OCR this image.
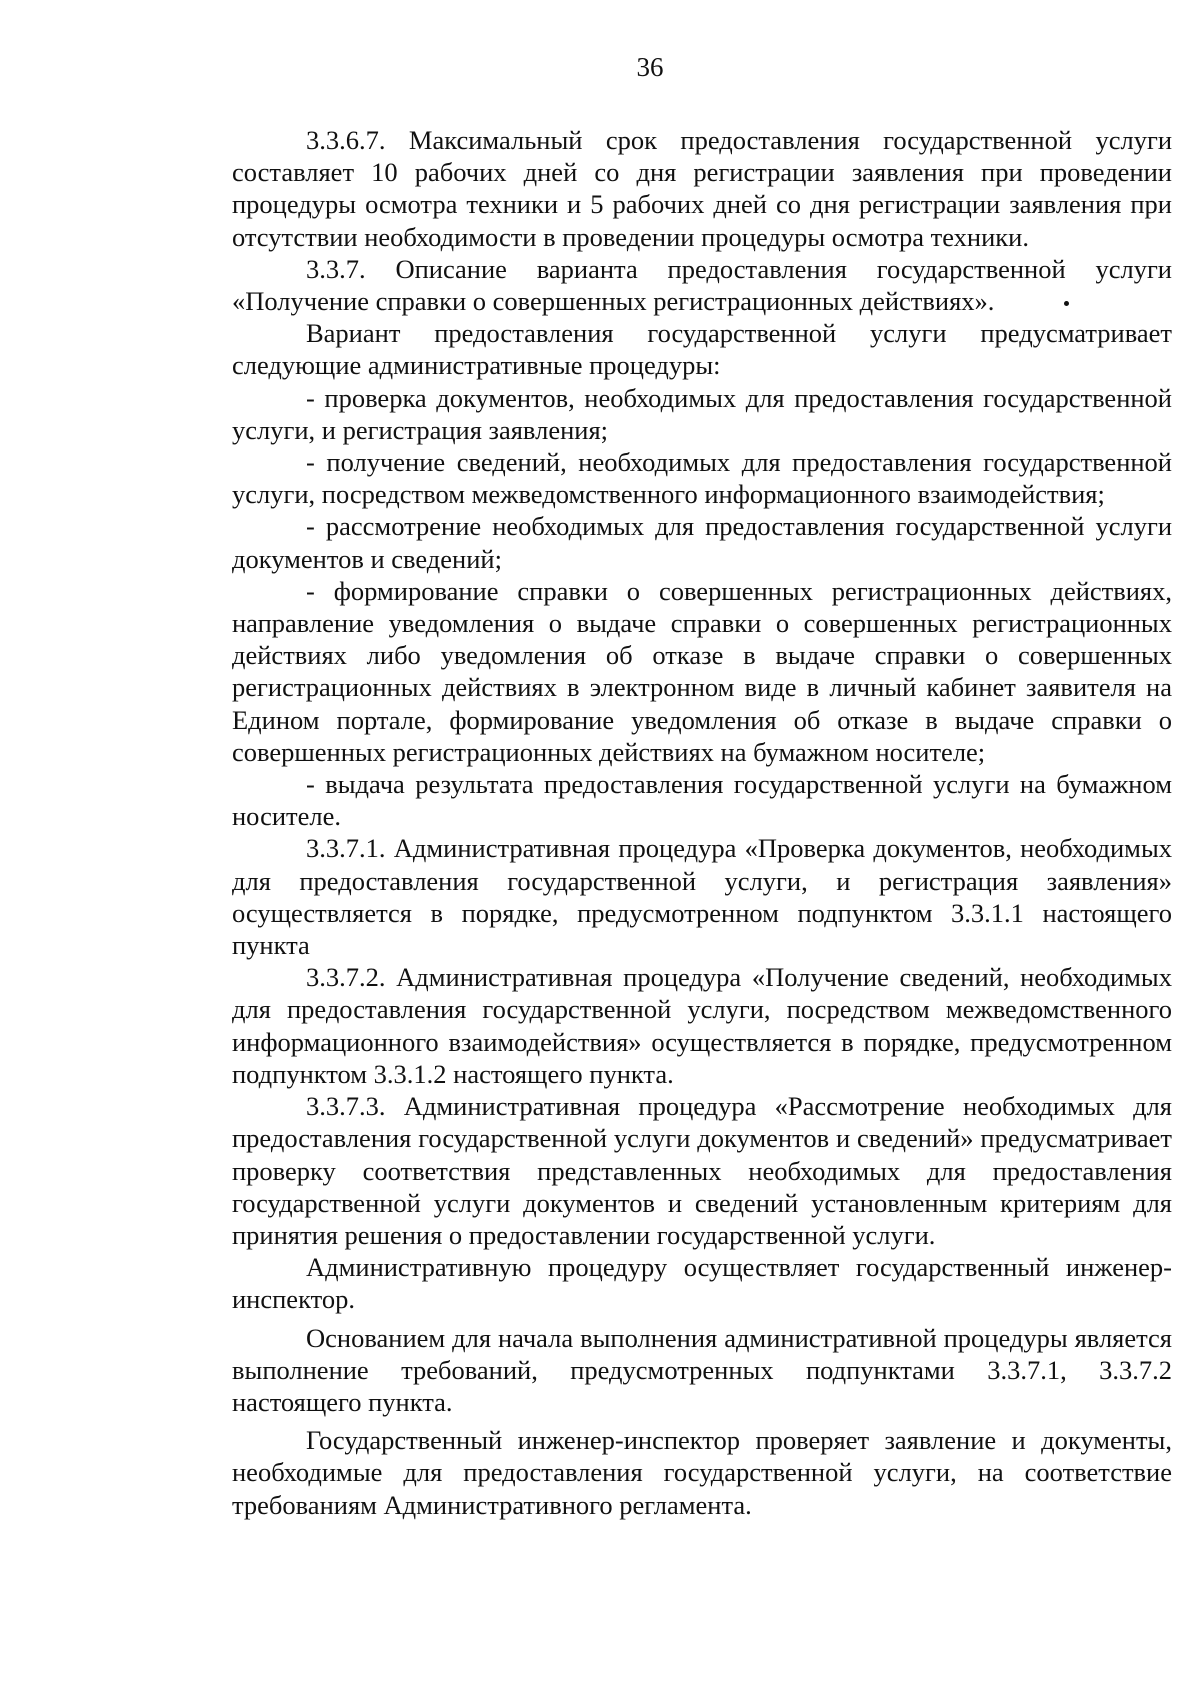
36

3.3.6.7. Максимальный срок предоставления государственной услуги составляет 10 рабочих дней со дня регистрации заявления при проведении процедуры осмотра техники и 5 рабочих дней со дня регистрации заявления при отсутствии необходимости в проведении процедуры осмотра техники.

3.3.7. Описание варианта предоставления государственной услуги «Получение справки о совершенных регистрационных действиях».

Вариант предоставления государственной услуги предусматривает следующие административные процедуры:

- проверка документов, необходимых для предоставления государственной услуги, и регистрация заявления;

- получение сведений, необходимых для предоставления государственной услуги, посредством межведомственного информационного взаимодействия;

- рассмотрение необходимых для предоставления государственной услуги документов и сведений;

- формирование справки о совершенных регистрационных действиях, направление уведомления о выдаче справки о совершенных регистрационных действиях либо уведомления об отказе в выдаче справки о совершенных регистрационных действиях в электронном виде в личный кабинет заявителя на Едином портале, формирование уведомления об отказе в выдаче справки о совершенных регистрационных действиях на бумажном носителе;

- выдача результата предоставления государственной услуги на бумажном носителе.

3.3.7.1. Административная процедура «Проверка документов, необходимых для предоставления государственной услуги, и регистрация заявления» осуществляется в порядке, предусмотренном подпунктом 3.3.1.1 настоящего пункта

3.3.7.2. Административная процедура «Получение сведений, необходимых для предоставления государственной услуги, посредством межведомственного информационного взаимодействия» осуществляется в порядке, предусмотренном подпунктом 3.3.1.2 настоящего пункта.

3.3.7.3. Административная процедура «Рассмотрение необходимых для предоставления государственной услуги документов и сведений» предусматривает проверку соответствия представленных необходимых для предоставления государственной услуги документов и сведений установленным критериям для принятия решения о предоставлении государственной услуги.

Административную процедуру осуществляет государственный инженер-инспектор.

Основанием для начала выполнения административной процедуры является выполнение требований, предусмотренных подпунктами 3.3.7.1, 3.3.7.2 настоящего пункта.

Государственный инженер-инспектор проверяет заявление и документы, необходимые для предоставления государственной услуги, на соответствие требованиям Административного регламента.
